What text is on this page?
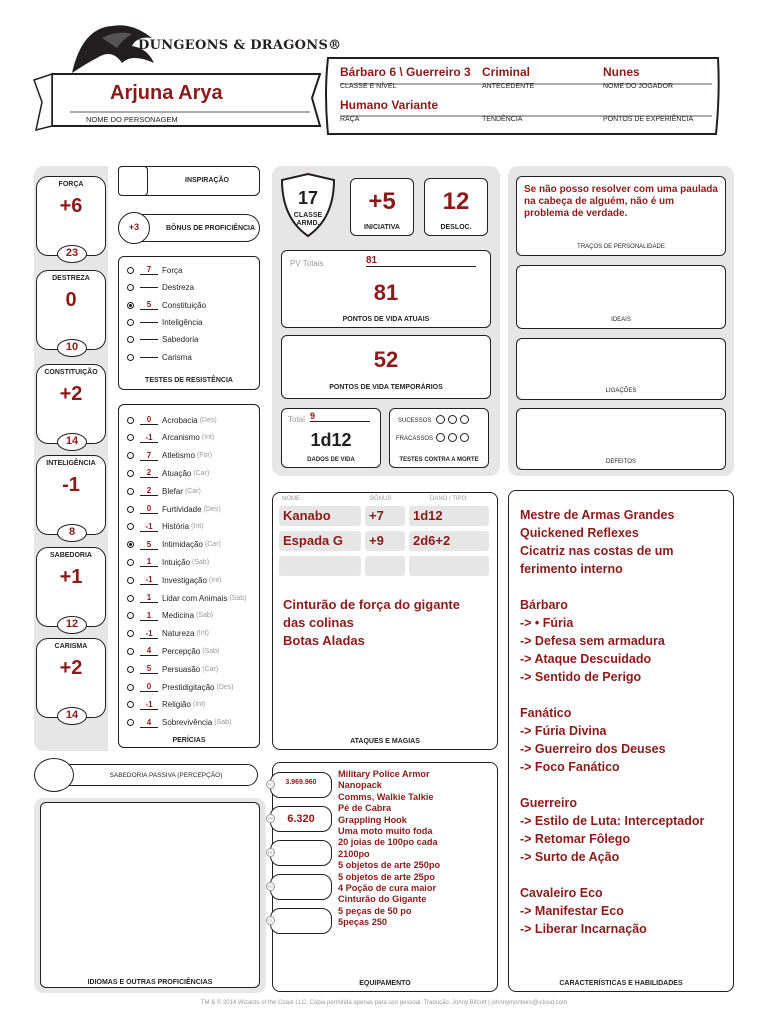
DUNGEONS & DRAGONS®
Arjuna Arya
NOME DO PERSONAGEM
Bárbaro 6 \ Guerreiro 3
CLASSE E NÍVEL
Criminal
ANTECEDENTE
Nunes
NOME DO JOGADOR
Humano Variante
RAÇA	TENDÊNCIA	PONTOS DE EXPERIÊNCIA
FORÇA
+6
23
DESTREZA
0
10
CONSTITUIÇÃO
+2
14
INTELIGÊNCIA
-1
8
SABEDORIA
+1
12
CARISMA
+2
14
INSPIRAÇÃO
+3	BÔNUS DE PROFICIÊNCIA
7	Força
Destreza
5	Constituição
Inteligência
Sabedoria
Carisma
TESTES DE RESISTÊNCIA
0	Acrobacia (Des)
-1	Arcanismo (Int)
7	Atletismo (For)
2	Atuação (Car)
2	Blefar (Car)
0	Furtividade (Des)
-1	História (Int)
5	Intimidação (Car)
1	Intuição (Sab)
-1	Investigação (Int)
1	Lidar com Animais (Sab)
1	Medicina (Sab)
-1	Natureza (Int)
4	Percepção (Sab)
5	Persuasão (Car)
0	Prestidigitação (Des)
-1	Religião (Int)
4	Sobrevivência (Sab)
PERÍCIAS
SABEDORIA PASSIVA (PERCEPÇÃO)
IDIOMAS E OUTRAS PROFICIÊNCIAS
17
CLASSE
ARMD.
+5
INICIATIVA
12
DESLOC.
PV Totais	81
81
PONTOS DE VIDA ATUAIS
52
PONTOS DE VIDA TEMPORÁRIOS
Total 9
1d12
DADOS DE VIDA
SUCESSOS
FRACASSOS
TESTES CONTRA A MORTE
NOME	BÔNUS	DANO / TIPO
Kanabo	+7	1d12
Espada G	+9	2d6+2
Cinturão de força do gigante
das colinas
Botas Aladas
ATAQUES E MAGIAS
PC	3.969.960
PP	6.320
PE
PO
PL
Military Police Armor
Nanopack
Comms, Walkie Talkie
Pé de Cabra
Grappling Hook
Uma moto muito foda
20 joias de 100po cada
2100po
5 objetos de arte 250po
5 objetos de arte 25po
4 Poção de cura maior
Cinturão do Gigante
5 peças de 50 po
5peças 250
EQUIPAMENTO
Se não posso resolver com uma paulada na cabeça de alguém, não é um problema de verdade.
TRAÇOS DE PERSONALIDADE
IDEAIS
LIGAÇÕES
DEFEITOS
Mestre de Armas Grandes
Quickened Reflexes
Cicatriz nas costas de um
ferimento interno

Bárbaro
-> • Fúria
-> Defesa sem armadura
-> Ataque Descuidado
-> Sentido de Perigo

Fanático
-> Fúria Divina
-> Guerreiro dos Deuses
-> Foco Fanático

Guerreiro
-> Estilo de Luta: Interceptador
-> Retomar Fôlego
-> Surto de Ação

Cavaleiro Eco
-> Manifestar Eco
-> Liberar Incarnação
CARACTERÍSTICAS E HABILIDADES
TM & © 2014 Wizards of the Coast LLC. Cópia permitida apenas para uso pessoal. Tradução: Johny Bifcott | johnnymonteiro@icloud.com
